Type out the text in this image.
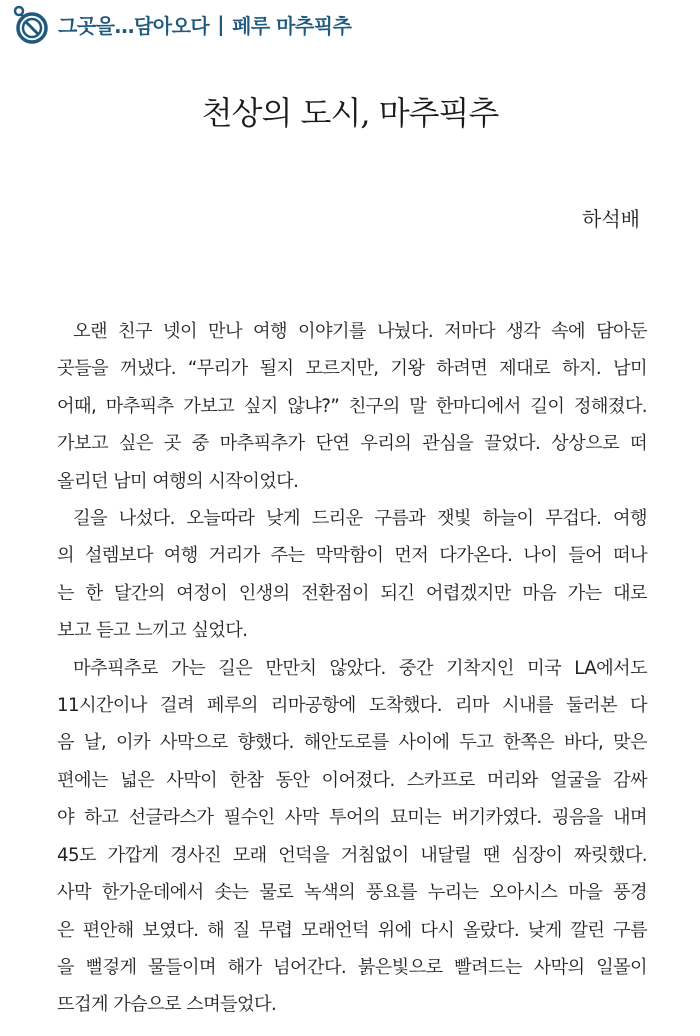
그곳을…담아오다 | 페루 마추픽추
천상의 도시, 마추픽추
하석배
오랜 친구 넷이 만나 여행 이야기를 나눴다. 저마다 생각 속에 담아둔
곳들을 꺼냈다. “무리가 될지 모르지만, 기왕 하려면 제대로 하지. 남미
어때, 마추픽추 가보고 싶지 않냐?” 친구의 말 한마디에서 길이 정해졌다.
가보고 싶은 곳 중 마추픽추가 단연 우리의 관심을 끌었다. 상상으로 떠
올리던 남미 여행의 시작이었다.
길을 나섰다. 오늘따라 낮게 드리운 구름과 잿빛 하늘이 무겁다. 여행
의 설렘보다 여행 거리가 주는 막막함이 먼저 다가온다. 나이 들어 떠나
는 한 달간의 여정이 인생의 전환점이 되긴 어렵겠지만 마음 가는 대로
보고 듣고 느끼고 싶었다.
마추픽추로 가는 길은 만만치 않았다. 중간 기착지인 미국 LA에서도
11시간이나 걸려 페루의 리마공항에 도착했다. 리마 시내를 둘러본 다
음 날, 이카 사막으로 향했다. 해안도로를 사이에 두고 한쪽은 바다, 맞은
편에는 넓은 사막이 한참 동안 이어졌다. 스카프로 머리와 얼굴을 감싸
야 하고 선글라스가 필수인 사막 투어의 묘미는 버기카였다. 굉음을 내며
45도 가깝게 경사진 모래 언덕을 거침없이 내달릴 땐 심장이 짜릿했다.
사막 한가운데에서 솟는 물로 녹색의 풍요를 누리는 오아시스 마을 풍경
은 편안해 보였다. 해 질 무렵 모래언덕 위에 다시 올랐다. 낮게 깔린 구름
을 뻘겋게 물들이며 해가 넘어간다. 붉은빛으로 빨려드는 사막의 일몰이
뜨겁게 가슴으로 스며들었다.
